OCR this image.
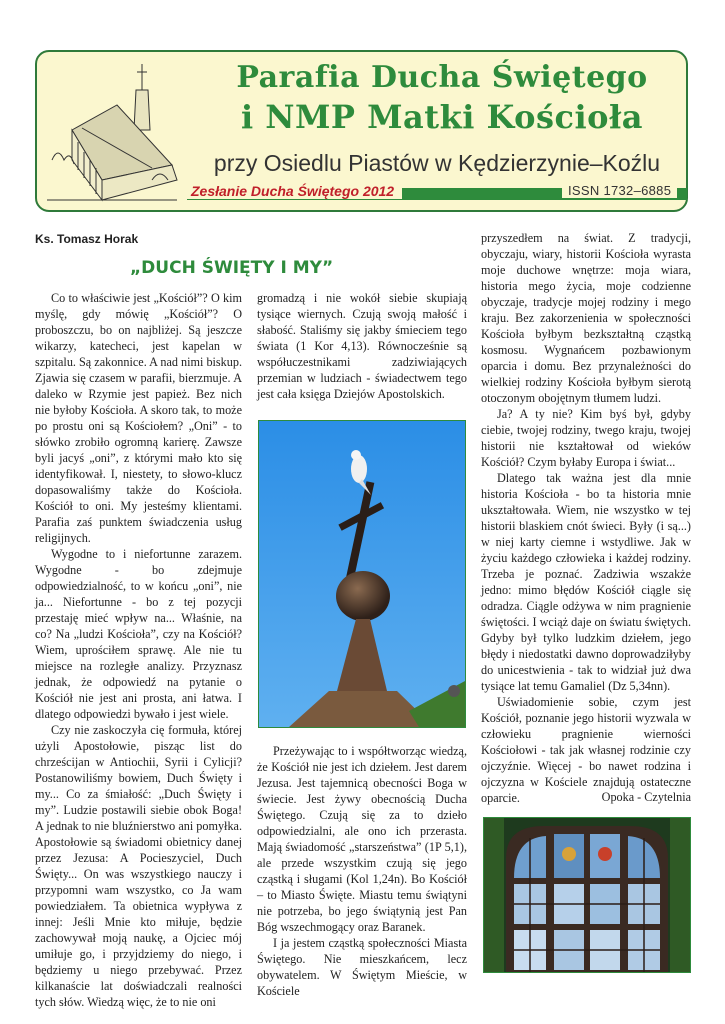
Parafia Ducha Świętego
i NMP Matki Kościoła
przy Osiedlu Piastów w Kędzierzynie–Koźlu
Zesłanie Ducha Świętego 2012	ISSN 1732–6885
Ks. Tomasz Horak
„DUCH ŚWIĘTY I MY”

Co to właściwie jest „Kościół”? O kim myślę, gdy mówię „Kościół”? O proboszczu, bo on najbliżej. Są jeszcze wikarzy, katecheci, jest kapelan w szpitalu. Są zakonnice. A nad nimi biskup. Zjawia się czasem w parafii, bierzmuje. A daleko w Rzymie jest papież. Bez nich nie byłoby Kościoła. A skoro tak, to może po prostu oni są Kościołem? „Oni” - to słówko zrobiło ogromną karierę. Zawsze byli jacyś „oni”, z którymi mało kto się identyfikował. I, niestety, to słowo-klucz dopasowaliśmy także do Kościoła. Kościół to oni. My jesteśmy klientami. Parafia zaś punktem świadczenia usług religijnych.

Wygodne to i niefortunne zarazem. Wygodne - bo zdejmuje odpowiedzialność, to w końcu „oni”, nie ja... Niefortunne - bo z tej pozycji przestaję mieć wpływ na... Właśnie, na co? Na „ludzi Kościoła”, czy na Kościół? Wiem, uprościłem sprawę. Ale nie tu miejsce na rozległe analizy. Przyznasz jednak, że odpowiedź na pytanie o Kościół nie jest ani prosta, ani łatwa. I dlatego odpowiedzi bywało i jest wiele.

Czy nie zaskoczyła cię formuła, której użyli Apostołowie, pisząc list do chrześcijan w Antiochii, Syrii i Cylicji? Postanowiliśmy bowiem, Duch Święty i my... Co za śmiałość: „Duch Święty i my”. Ludzie postawili siebie obok Boga! A jednak to nie bluźnierstwo ani pomyłka. Apostołowie są świadomi obietnicy danej przez Jezusa: A Pocieszyciel, Duch Święty... On was wszystkiego nauczy i przypomni wam wszystko, co Ja wam powiedziałem. Ta obietnica wypływa z innej: Jeśli Mnie kto miłuje, będzie zachowywał moją naukę, a Ojciec mój umiłuje go, i przyjdziemy do niego, i będziemy u niego przebywać. Przez kilkanaście lat doświadczali realności tych słów. Wiedzą więc, że to nie oni

gromadzą i nie wokół siebie skupiają tysiące wiernych. Czują swoją małość i słabość. Staliśmy się jakby śmieciem tego świata (1 Kor 4,13). Równocześnie są współuczestnikami zadziwiających przemian w ludziach - świadectwem tego jest cała księga Dziejów Apostolskich.

Przeżywając to i współtworząc wiedzą, że Kościół nie jest ich dziełem. Jest darem Jezusa. Jest tajemnicą obecności Boga w świecie. Jest żywy obecnością Ducha Świętego. Czują się za to dzieło odpowiedzialni, ale ono ich przerasta. Mają świadomość „starszeństwa” (1P 5,1), ale przede wszystkim czują się jego cząstką i sługami (Kol 1,24n). Bo Kościół – to Miasto Święte. Miastu temu świątyni nie potrzeba, bo jego świątynią jest Pan Bóg wszechmogący oraz Baranek.

I ja jestem cząstką społeczności Miasta Świętego. Nie mieszkańcem, lecz obywatelem. W Świętym Mieście, w Kościele

przyszedłem na świat. Z tradycji, obyczaju, wiary, historii Kościoła wyrasta moje duchowe wnętrze: moja wiara, historia mego życia, moje codzienne obyczaje, tradycje mojej rodziny i mego kraju. Bez zakorzenienia w społeczności Kościoła byłbym bezkształtną cząstką kosmosu. Wygnańcem pozbawionym oparcia i domu. Bez przynależności do wielkiej rodziny Kościoła byłbym sierotą otoczonym obojętnym tłumem ludzi.

Ja? A ty nie? Kim byś był, gdyby ciebie, twojej rodziny, twego kraju, twojej historii nie kształtował od wieków Kościół? Czym byłaby Europa i świat...

Dlatego tak ważna jest dla mnie historia Kościoła - bo ta historia mnie ukształtowała. Wiem, nie wszystko w tej historii blaskiem cnót świeci. Były (i są...) w niej karty ciemne i wstydliwe. Jak w życiu każdego człowieka i każdej rodziny. Trzeba je poznać. Zadziwia wszakże jedno: mimo błędów Kościół ciągle się odradza. Ciągle odżywa w nim pragnienie świętości. I wciąż daje on światu świętych. Gdyby był tylko ludzkim dziełem, jego błędy i niedostatki dawno doprowadziłyby do unicestwienia - tak to widział już dwa tysiące lat temu Gamaliel (Dz 5,34nn).

Uświadomienie sobie, czym jest Kościół, poznanie jego historii wyzwala w człowieku pragnienie wierności Kościołowi - tak jak własnej rodzinie czy ojczyźnie. Więcej - bo nawet rodzina i ojczyzna w Kościele znajdują ostateczne oparcie.	Opoka - Czytelnia
